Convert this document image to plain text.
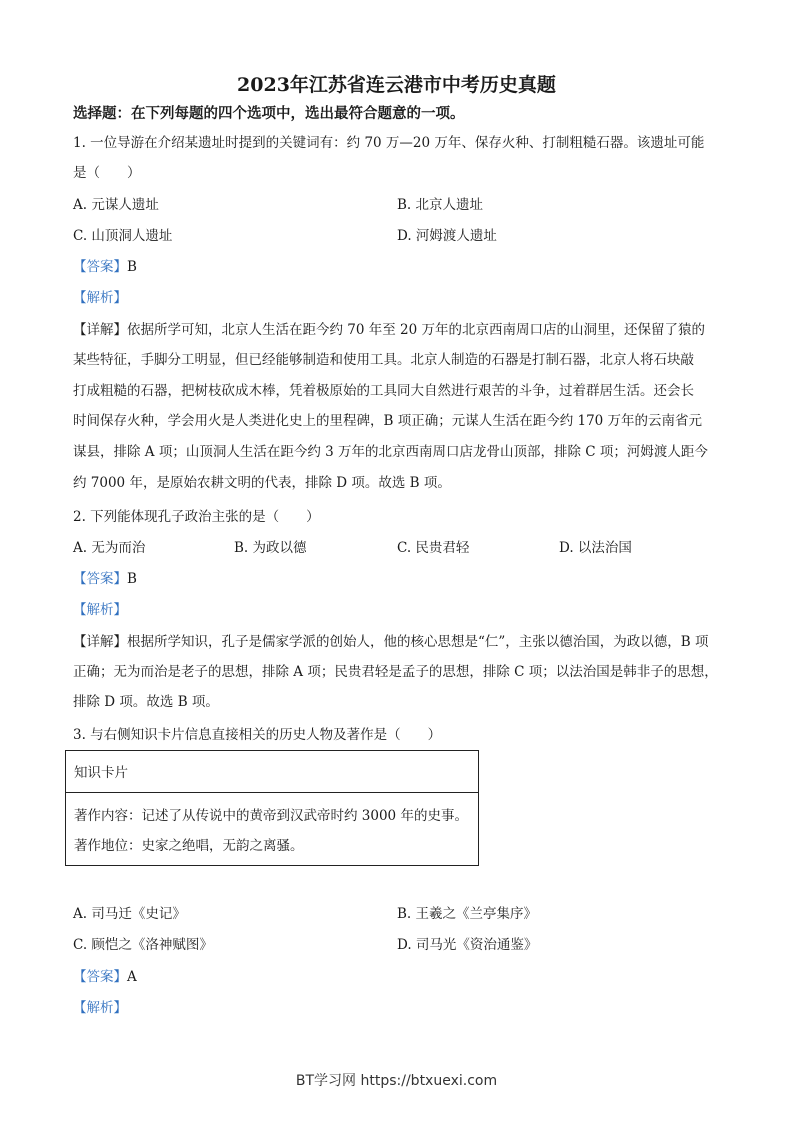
2023年江苏省连云港市中考历史真题
选择题：在下列每题的四个选项中，选出最符合题意的一项。
1. 一位导游在介绍某遗址时提到的关键词有：约 70 万—20 万年、保存火种、打制粗糙石器。该遗址可能
是（　　）
A. 元谋人遗址	B. 北京人遗址
C. 山顶洞人遗址	D. 河姆渡人遗址
【答案】B
【解析】
【详解】依据所学可知，北京人生活在距今约 70 年至 20 万年的北京西南周口店的山洞里，还保留了猿的
某些特征，手脚分工明显，但已经能够制造和使用工具。北京人制造的石器是打制石器，北京人将石块敲
打成粗糙的石器，把树枝砍成木棒，凭着极原始的工具同大自然进行艰苦的斗争，过着群居生活。还会长
时间保存火种，学会用火是人类进化史上的里程碑，B 项正确；元谋人生活在距今约 170 万年的云南省元
谋县，排除 A 项；山顶洞人生活在距今约 3 万年的北京西南周口店龙骨山顶部，排除 C 项；河姆渡人距今
约 7000 年，是原始农耕文明的代表，排除 D 项。故选 B 项。
2. 下列能体现孔子政治主张的是（　　）
A. 无为而治	B. 为政以德	C. 民贵君轻	D. 以法治国
【答案】B
【解析】
【详解】根据所学知识，孔子是儒家学派的创始人，他的核心思想是“仁”，主张以德治国，为政以德，B 项
正确；无为而治是老子的思想，排除 A 项；民贵君轻是孟子的思想，排除 C 项；以法治国是韩非子的思想，
排除 D 项。故选 B 项。
3. 与右侧知识卡片信息直接相关的历史人物及著作是（　　）
知识卡片
著作内容：记述了从传说中的黄帝到汉武帝时约 3000 年的史事。
著作地位：史家之绝唱，无韵之离骚。
A. 司马迁《史记》	B. 王羲之《兰亭集序》
C. 顾恺之《洛神赋图》	D. 司马光《资治通鉴》
【答案】A
【解析】
BT学习网 https://btxuexi.com
